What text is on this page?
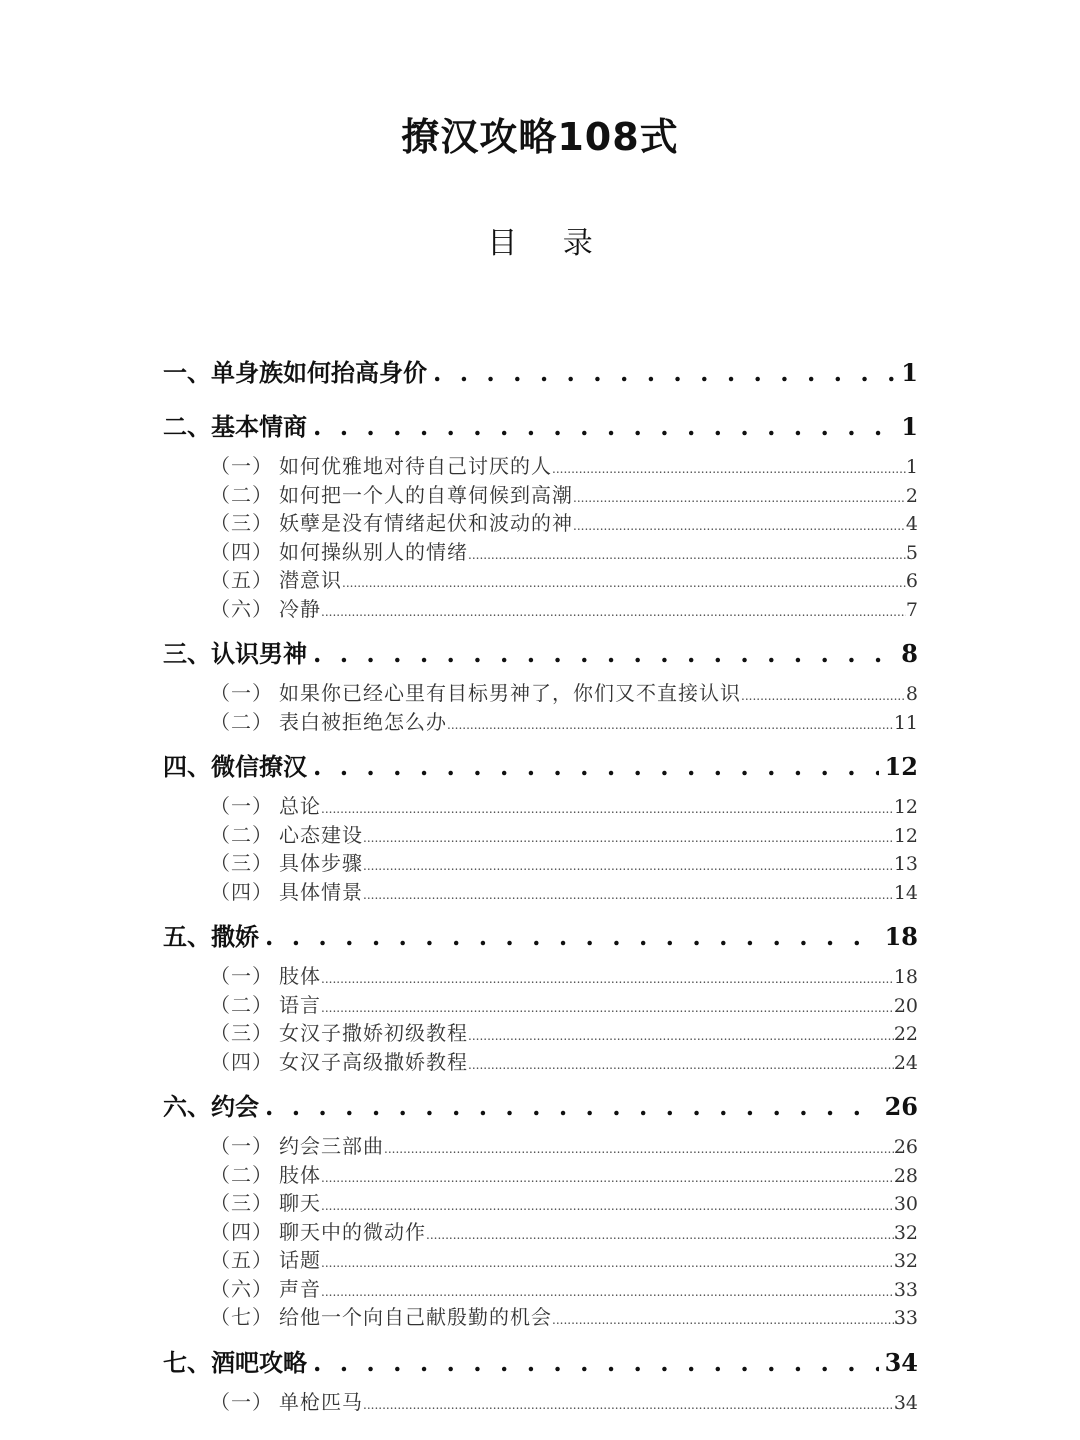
撩汉攻略108式
目 录
一、单身族如何抬高身价 . . .	1
二、基本情商 . . .	1
（一） 如何优雅地对待自己讨厌的人 .....	1
（二） 如何把一个人的自尊伺候到高潮 .....	2
（三） 妖孽是没有情绪起伏和波动的神 .....	4
（四） 如何操纵别人的情绪 .....	5
（五） 潜意识 .....	6
（六） 冷静 .....	7
三、认识男神 . . .	8
（一） 如果你已经心里有目标男神了，你们又不直接认识 .....	8
（二） 表白被拒绝怎么办 .....	11
四、微信撩汉 . . .	12
（一） 总论 .....	12
（二） 心态建设 .....	12
（三） 具体步骤 .....	13
（四） 具体情景 .....	14
五、撒娇 . . .	18
（一） 肢体 .....	18
（二） 语言 .....	20
（三） 女汉子撒娇初级教程 .....	22
（四） 女汉子高级撒娇教程 .....	24
六、约会 . . .	26
（一） 约会三部曲 .....	26
（二） 肢体 .....	28
（三） 聊天 .....	30
（四） 聊天中的微动作 .....	32
（五） 话题 .....	32
（六） 声音 .....	33
（七） 给他一个向自己献殷勤的机会 .....	33
七、酒吧攻略 . . .	34
（一） 单枪匹马 .....	34
